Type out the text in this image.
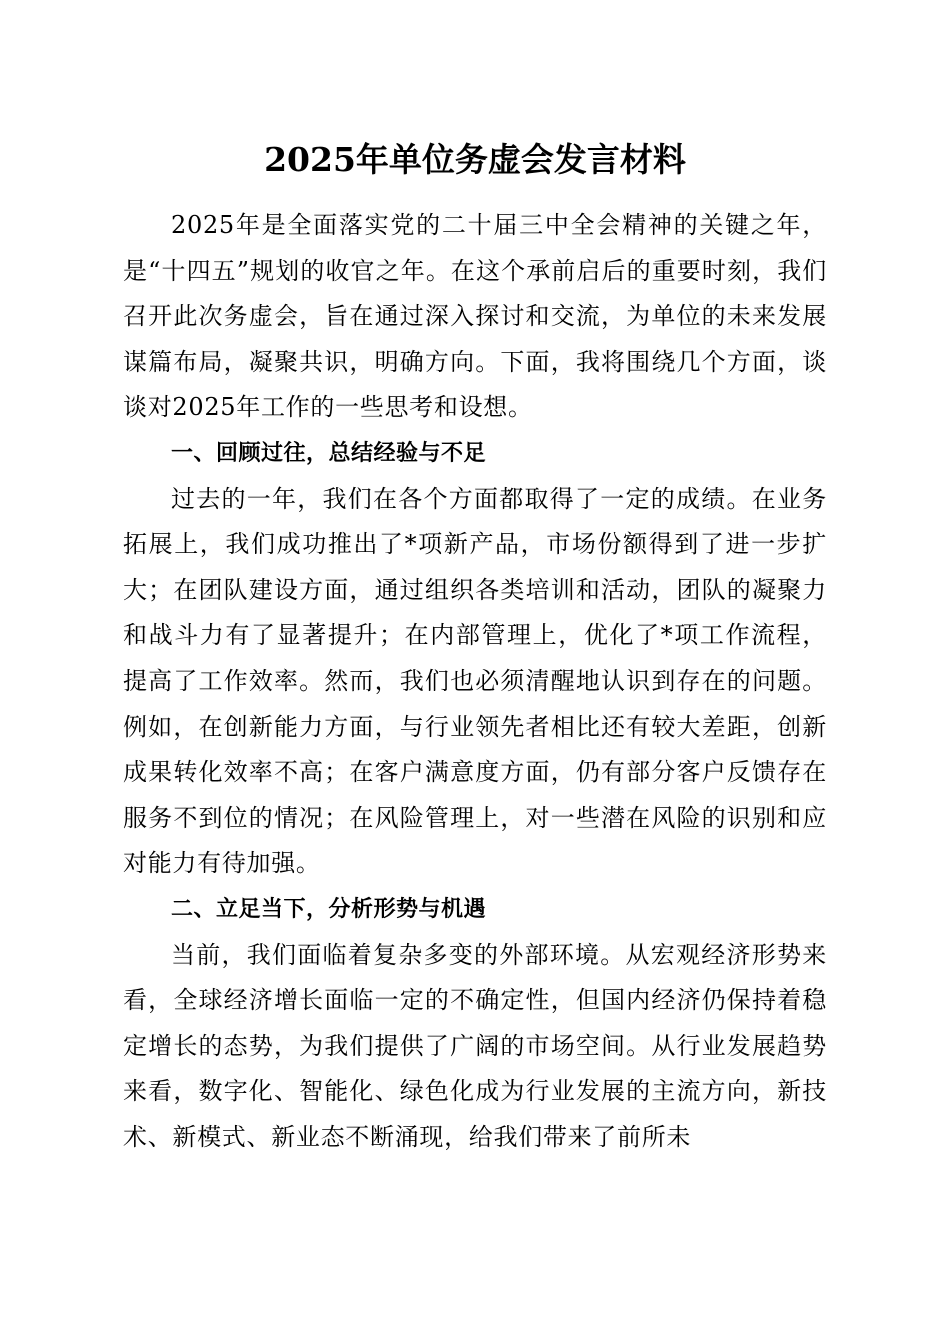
2025年单位务虚会发言材料

2025年是全面落实党的二十届三中全会精神的关键之年，是“十四五”规划的收官之年。在这个承前启后的重要时刻，我们召开此次务虚会，旨在通过深入探讨和交流，为单位的未来发展谋篇布局，凝聚共识，明确方向。下面，我将围绕几个方面，谈谈对2025年工作的一些思考和设想。

一、回顾过往，总结经验与不足

过去的一年，我们在各个方面都取得了一定的成绩。在业务拓展上，我们成功推出了*项新产品，市场份额得到了进一步扩大；在团队建设方面，通过组织各类培训和活动，团队的凝聚力和战斗力有了显著提升；在内部管理上，优化了*项工作流程，提高了工作效率。然而，我们也必须清醒地认识到存在的问题。例如，在创新能力方面，与行业领先者相比还有较大差距，创新成果转化效率不高；在客户满意度方面，仍有部分客户反馈存在服务不到位的情况；在风险管理上，对一些潜在风险的识别和应对能力有待加强。

二、立足当下，分析形势与机遇

当前，我们面临着复杂多变的外部环境。从宏观经济形势来看，全球经济增长面临一定的不确定性，但国内经济仍保持着稳定增长的态势，为我们提供了广阔的市场空间。从行业发展趋势来看，数字化、智能化、绿色化成为行业发展的主流方向，新技术、新模式、新业态不断涌现，给我们带来了前所未
